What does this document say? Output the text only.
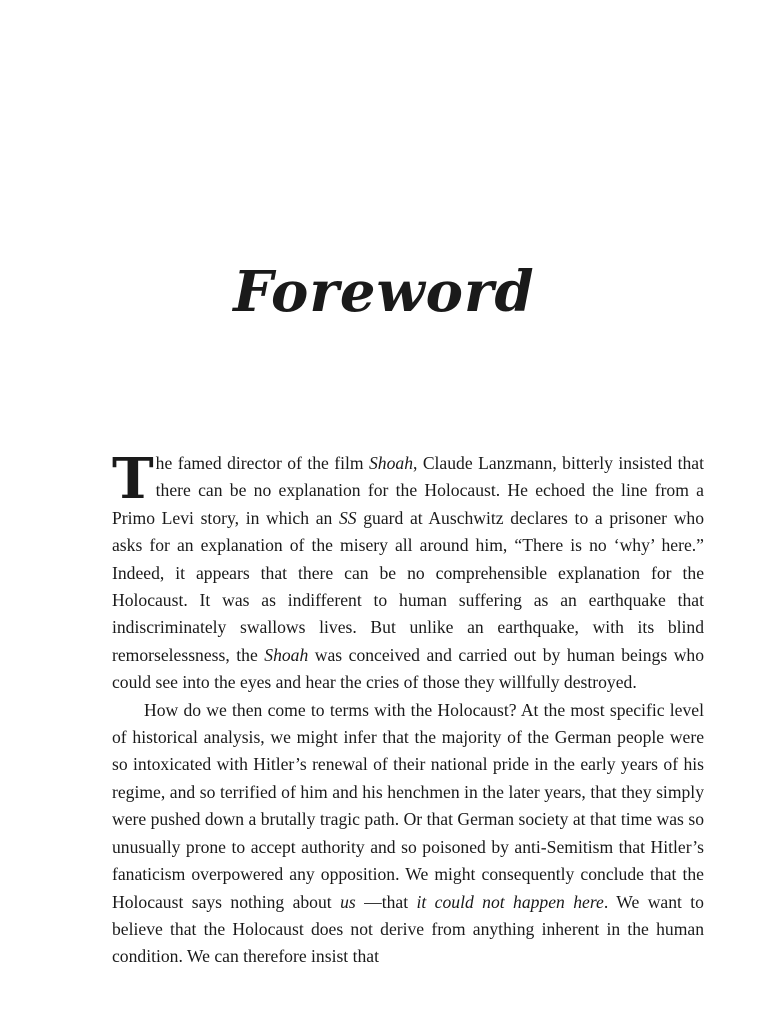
Foreword

The famed director of the film Shoah, Claude Lanzmann, bitterly insisted that there can be no explanation for the Holocaust. He echoed the line from a Primo Levi story, in which an SS guard at Auschwitz declares to a prisoner who asks for an explanation of the misery all around him, “There is no ‘why’ here.” Indeed, it appears that there can be no comprehensible explanation for the Holocaust. It was as indifferent to human suffering as an earthquake that indiscriminately swallows lives. But unlike an earthquake, with its blind remorselessness, the Shoah was conceived and carried out by human beings who could see into the eyes and hear the cries of those they willfully destroyed.

How do we then come to terms with the Holocaust? At the most specific level of historical analysis, we might infer that the majority of the German people were so intoxicated with Hitler’s renewal of their national pride in the early years of his regime, and so terrified of him and his henchmen in the later years, that they simply were pushed down a brutally tragic path. Or that German society at that time was so unusually prone to accept authority and so poisoned by anti-Semitism that Hitler’s fanaticism overpowered any opposition. We might consequently conclude that the Holocaust says nothing about us —that it could not happen here. We want to believe that the Holocaust does not derive from anything inherent in the human condition. We can therefore insist that
